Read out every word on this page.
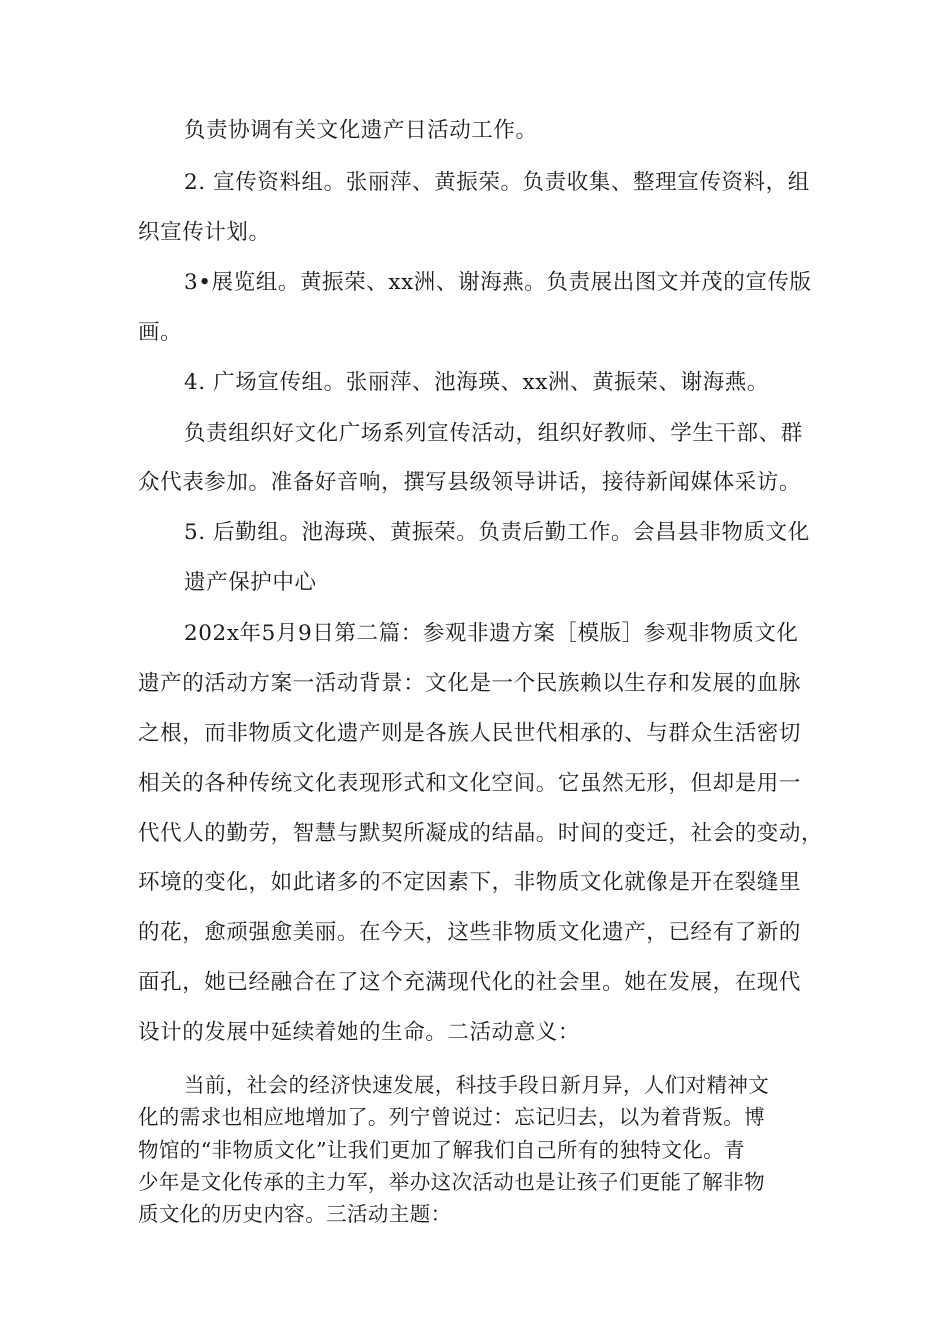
负责协调有关文化遗产日活动工作。
2. 宣传资料组。张丽萍、黄振荣。负责收集、整理宣传资料，组
织宣传计划。
3•展览组。黄振荣、xx洲、谢海燕。负责展出图文并茂的宣传版
画。
4. 广场宣传组。张丽萍、池海瑛、xx洲、黄振荣、谢海燕。
负责组织好文化广场系列宣传活动，组织好教师、学生干部、群
众代表参加。准备好音响，撰写县级领导讲话，接待新闻媒体采访。
5. 后勤组。池海瑛、黄振荣。负责后勤工作。会昌县非物质文化
遗产保护中心
202x年5月9日第二篇：参观非遗方案［模版］参观非物质文化
遗产的活动方案一活动背景：文化是一个民族赖以生存和发展的血脉
之根，而非物质文化遗产则是各族人民世代相承的、与群众生活密切
相关的各种传统文化表现形式和文化空间。它虽然无形，但却是用一
代代人的勤劳，智慧与默契所凝成的结晶。时间的变迁，社会的变动，
环境的变化，如此诸多的不定因素下，非物质文化就像是开在裂缝里
的花，愈顽强愈美丽。在今天，这些非物质文化遗产，已经有了新的
面孔，她已经融合在了这个充满现代化的社会里。她在发展，在现代
设计的发展中延续着她的生命。二活动意义：
当前，社会的经济快速发展，科技手段日新月异，人们对精神文
化的需求也相应地增加了。列宁曾说过：忘记归去，以为着背叛。博
物馆的“非物质文化”让我们更加了解我们自己所有的独特文化。青
少年是文化传承的主力军，举办这次活动也是让孩子们更能了解非物
质文化的历史内容。三活动主题：
